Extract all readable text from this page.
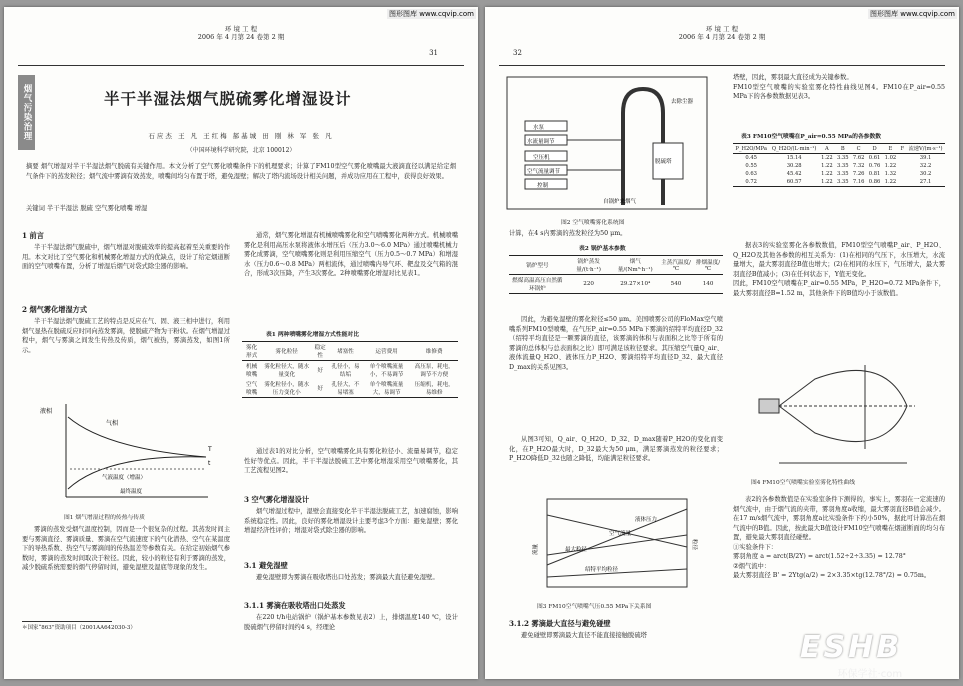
图形图库 www.cqvip.com
环 境 工 程
2006 年 4 月第 24 卷第 2 期
31
烟气污染治理	半干半湿法烟气脱硫雾化增湿设计
石应杰 王 凡 王红梅 郝基城 田 刚 林 军 张 凡
（中国环境科学研究院，北京 100012）
摘要 烟气增湿对半干半湿法烟气脱硫有关键作用。本文分析了空气雾化喷嘴条件下的机理要求；计算了FM10型空气雾化喷嘴最大液滴直径以满足给定烟气条件下的蒸发粒径；烟气流中雾滴有效蒸发，喷嘴间均匀布置于塔，避免湿壁；解决了塔内流场设计相关问题，并成功应用在工程中，获得良好效果。
关键词 半干半湿法 脱硫 空气雾化喷嘴 增湿
1 前言
半干半湿法烟气脱硫中，烟气增湿对脱硫效率的提高起着至关重要的作用。本文对比了空气雾化和机械雾化增湿方式的优缺点，设计了给定烟道断面的空气喷嘴布置，分析了增湿后烟气对袋式除尘器的影响。
2 烟气雾化增湿方式
半干半湿法烟气脱硫工艺的特点是反应在气、固、液三相中进行，利用烟气显热在脱硫反应时同向蒸发雾滴，使脱硫产物为干粉状。在烟气增湿过程中，烟气与雾滴之间发生传热及传质，烟气被热，雾滴蒸发，如图1所示。
液相
气相
气液温度（增温）
最终温度
T
t
图1 烟气增湿过程的传热与传质
雾滴的蒸发受烟气温度控制，因而是一个很复杂的过程。其蒸发时间主要与雾滴直径、雾滴质量、雾滴在空气流速度下的气化潜热、空气在某温度下的导热系数、热空气与雾滴间的传热温差等参数有关。在给定初始烟气参数时，雾滴的蒸发时间取决于粒径。因此，较小的粒径有利于雾滴的蒸发，减少脱硫系统需要的烟气停留时间，避免湿壁及湿底等现象的发生。
＊国家“863”资助项目（2001AA642030-3）
通常，烟气雾化增湿有机械喷嘴雾化和空气喷嘴雾化两种方式。机械喷嘴雾化是利用高压水泵将液体水增压后（压力3.0～6.0 MPa）通过喷嘴机械力雾化成雾滴，空气喷嘴雾化则是利用压缩空气（压力0.5～0.7 MPa）和增湿水（压力0.6～0.8 MPa）两相流体，通过喷嘴内导气环、靶盘及交气箱的混合，形成3次压降，产生3次雾化。2种喷嘴雾化增湿对比见表1。
表1 两种喷嘴雾化增湿方式性能对比
雾化形式	雾化粒径	稳定性	堵塞性	运营费用	维修费
机械喷嘴	雾化粒径大，随水量变化	好	孔径小，易结垢	单个喷嘴流量小，不易调节	高压泵，耗电，调节不方便
空气喷嘴	雾化粒径小，随水压力变化小	好	孔径大，不易堵塞	单个喷嘴流量大，易调节	压缩机，耗电，易维修
通过表1的对比分析，空气喷嘴雾化具有雾化粒径小、流量易调节，稳定性好等优点。因此，半干半湿法脱硫工艺中雾化增湿采用空气喷嘴雾化，其工艺流程见图2。
3 空气雾化增湿设计
烟气增湿过程中，湿壁会直接变化半干半湿法脱硫工艺，加速腐蚀，影响系统稳定性。因此，良好的雾化增湿设计主要考虑3个方面：避免湿壁；雾化增湿经济性评价；增湿对袋式除尘器的影响。
3.1 避免湿壁
避免湿壁即为雾滴在吸收塔出口处蒸发；雾滴最大直径避免湿壁。
3.1.1 雾滴在吸收塔出口处蒸发
在220 t/h电站锅炉（锅炉基本参数见表2）上，排烟温度140 ℃，设计脱硫烟气停留时间约4 s，经理论
图形图库 www.cqvip.com
环 境 工 程
2006 年 4 月第 24 卷第 2 期
32
水泵
水流量调节
空压机
空气流量调节
控制
脱硫塔
自锅炉来烟气
去除尘器
图2 空气喷嘴雾化系统图
计算，在4 s内雾滴的蒸发粒径为50 μm。
表2 锅炉基本参数
锅炉型号	锅炉蒸发量/(t·h⁻¹)	烟气量/(Nm³·h⁻¹)	主蒸汽温度/℃	排烟温度/℃
燃煤高温高压自然循环锅炉	220	29.27×10⁴	540	140
因此，为避免湿壁的雾化粒径≤50 μm。美国喷雾公司的FloMax空气喷嘴系列FM10型喷嘴，在气压P_air=0.55 MPa下雾滴的绍特平均直径D_32（绍特平均直径是一颗雾滴的直径，该雾滴的体积与表面积之比等于所有的雾滴的总体积与总表面积之比）即可满足该粒径要求。其压缩空气量Q_air、液体流量Q_H2O、液体压力P_H2O、雾滴绍特平均直径D_32、最大直径D_max的关系见图3。
从图3可知，Q_air、Q_H2O、D_32、D_max随着P_H2O的变化而变化，在P_H2O最大时，D_32最大为50 μm，满足雾滴蒸发的粒径要求；P_H2O降低D_32也随之降低，均能满足粒径要求。
液体压力
空气流量
最大粒径
绍特平均粒径
流量	粒径
图3 FM10空气喷嘴气压0.55 MPa下关系图
3.1.2 雾滴最大直径与避免碰壁
避免碰壁即雾滴最大直径不能直接接触脱硫塔
塔壁，因此，雾羽最大直径成为关键参数。
FM10型空气喷嘴的实验室雾化特性曲线见图4。FM10在P_air=0.55 MPa下的各参数数据见表3。
表3 FM10空气喷嘴在P_air=0.55 MPa的各参数数
P_H2O/MPa	Q_H2O/(L·min⁻¹)	A	B	C	D	E	F	流速V/(m·s⁻¹)
0.45	15.14	1.22	3.35	7.62	0.61	1.02		39.1
0.55	30.28	1.22	3.35	7.32	0.76	1.22		32.2
0.63	45.42	1.22	3.35	7.26	0.81	1.32		30.2
0.72	60.57	1.22	3.35	7.16	0.86	1.22		27.1
据表3的实验室雾化各参数数值，FM10型空气喷嘴P_air、P_H2O、Q_H2O及其他各参数的相互关系为：(1)在相同的气压下，水压增大，水流量增大，最大雾羽直径B值也增大；(2)在相同的水压下，气压增大，最大雾羽直径B值减小；(3)在任何状态下，Y值无变化。
因此，FM10空气喷嘴在P_air=0.55 MPa，P_H2O=0.72 MPa条件下，最大雾羽直径B=1.52 m，其他条件下的B值均小于该数值。
图4 FM10空气喷嘴实验室雾化特性曲线
表2的各参数数值是在实验室条件下测得的，事实上，雾羽在一定流速的烟气流中，由于烟气流的夹带，雾羽角度a收缩，最大雾羽直径B值会减少。在17 m/s烟气流中，雾羽角度a比实验条件下约小50%，据此可计算出在烟气流中的B值。因此，按此最大B值设计FM10空气喷嘴在烟道断面的均匀布置，避免最大雾羽直径碰壁。
①实验条件下：
雾羽角度 a = arct(B/2Y) = arct(1.52÷2÷3.35) = 12.78°
②烟气流中：
最大雾羽直径 B' = 2Ytg(a/2) = 2×3.35×tg(12.78°/2) = 0.75m。
ESHB
环保学社·com
